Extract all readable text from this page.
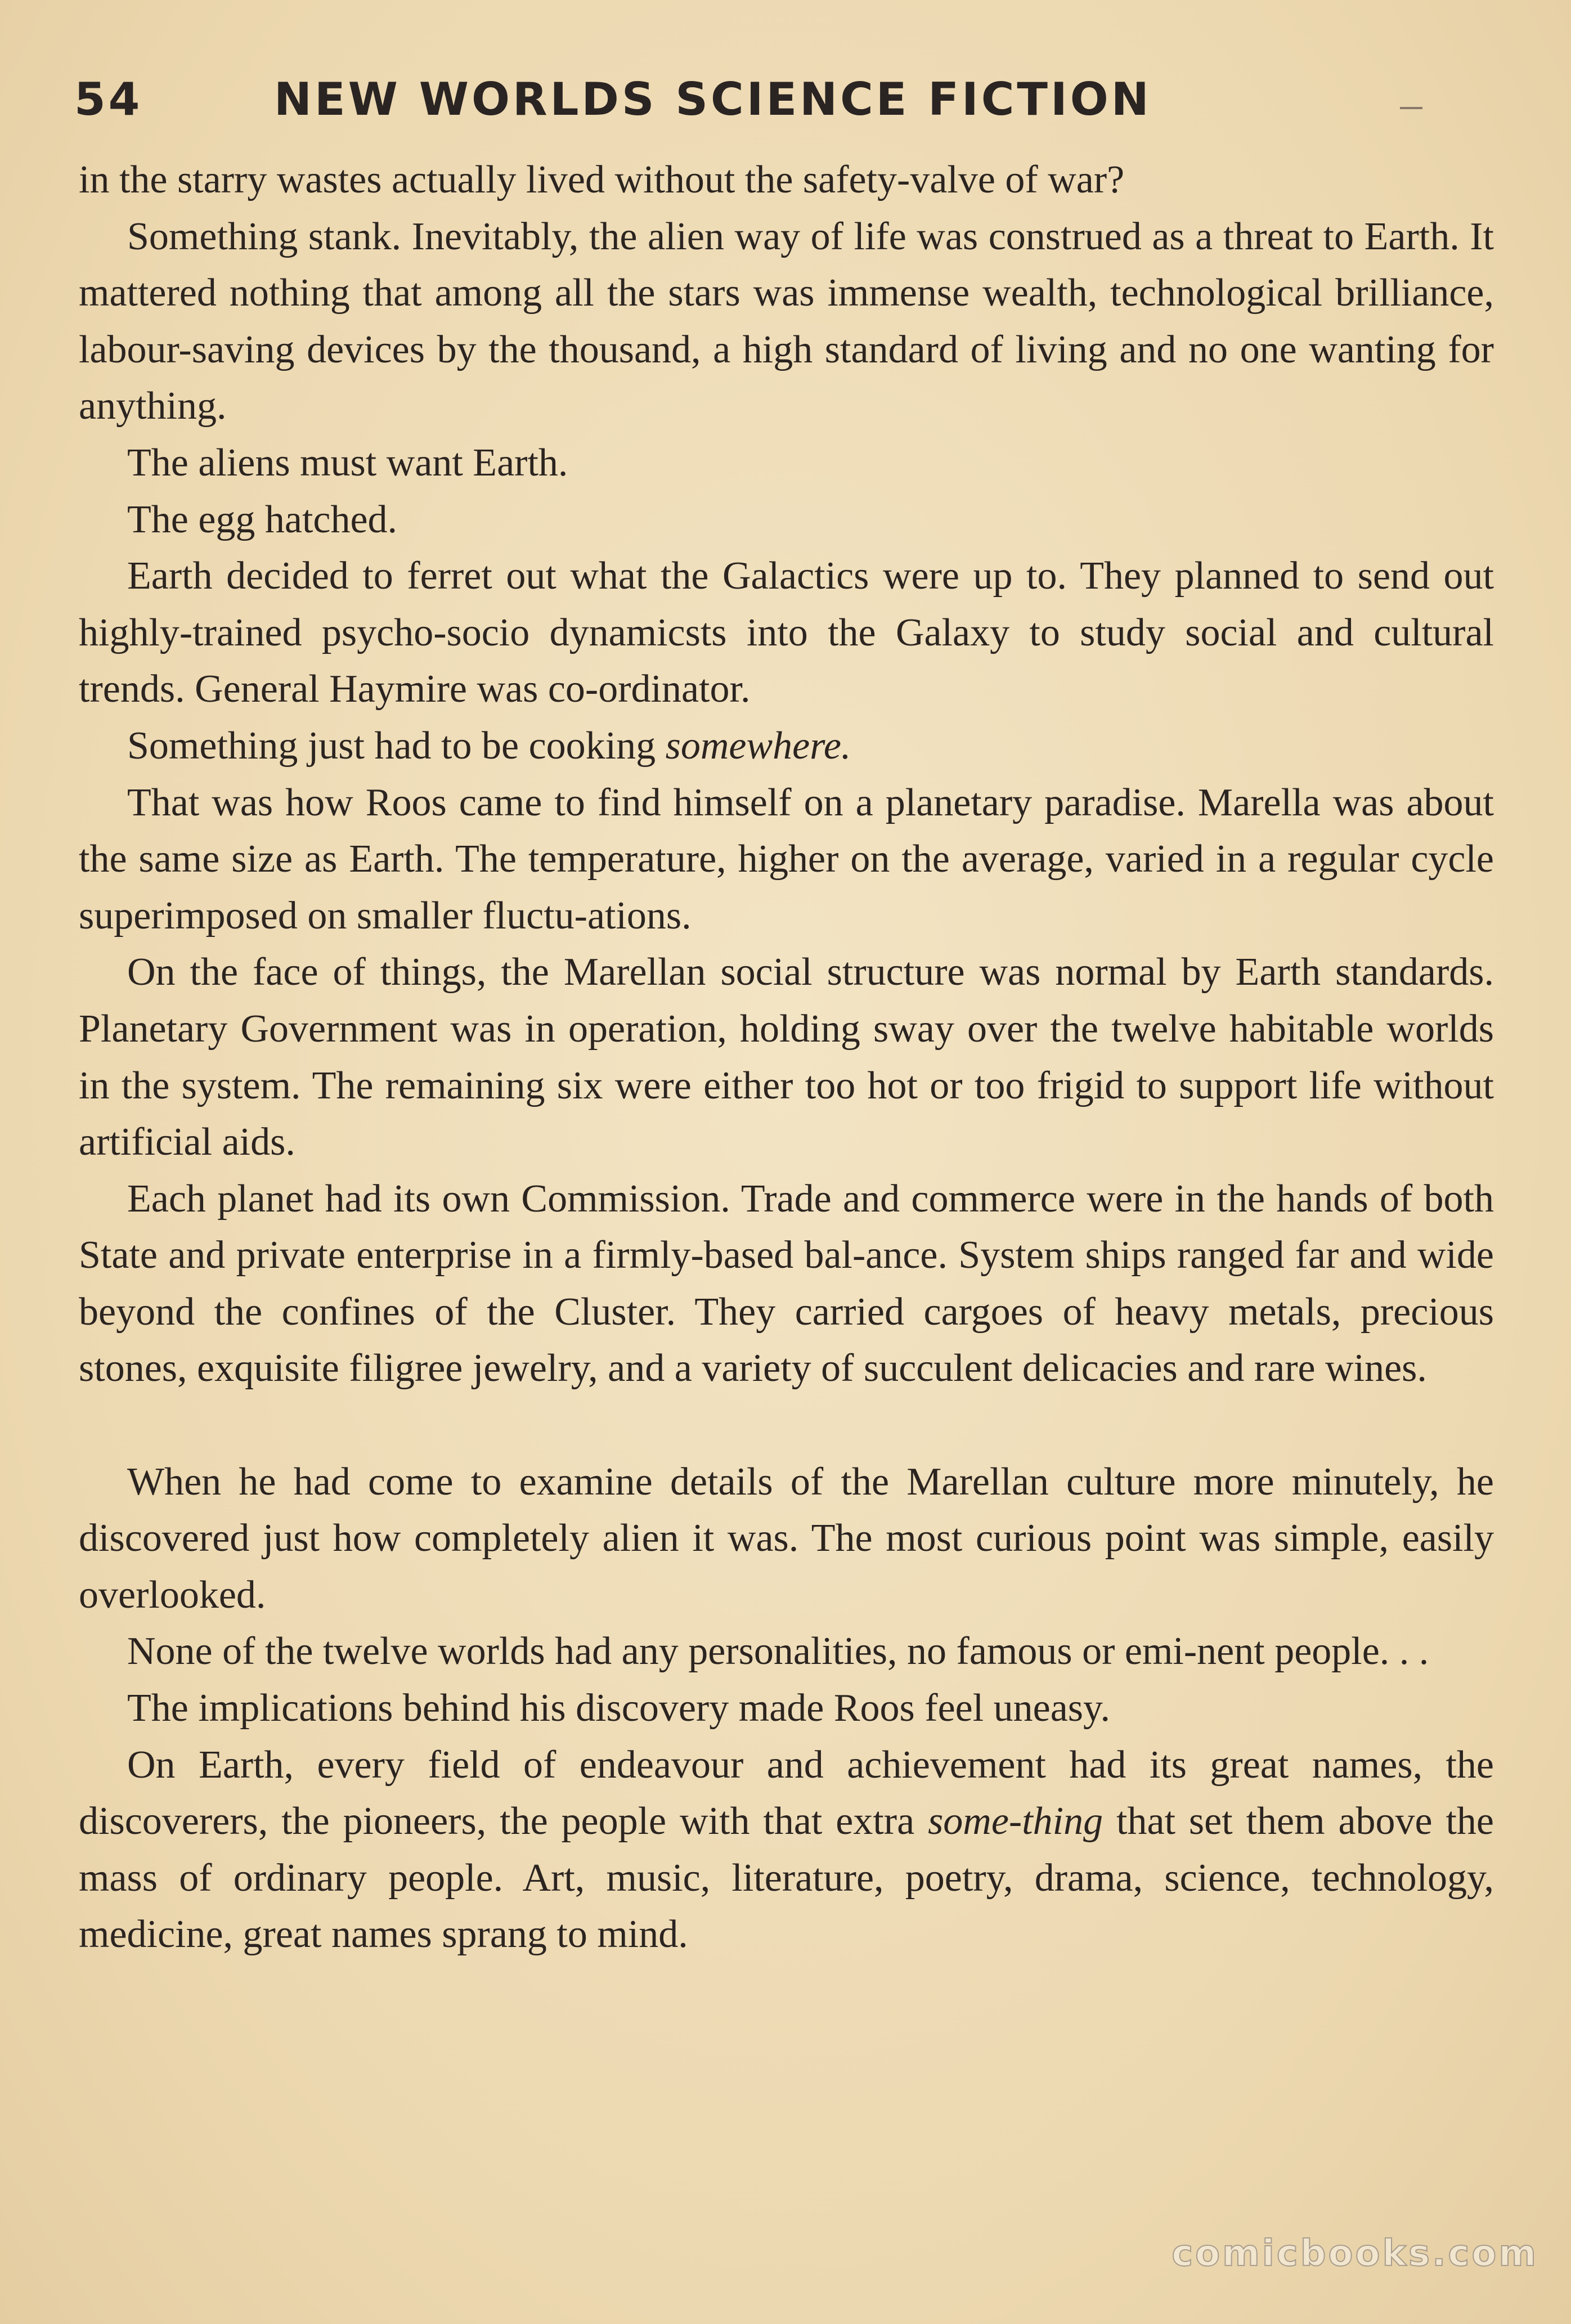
54	NEW WORLDS SCIENCE FICTION

in the starry wastes actually lived without the safety-valve of war?

Something stank. Inevitably, the alien way of life was construed as a threat to Earth. It mattered nothing that among all the stars was immense wealth, technological brilliance, labour-saving devices by the thousand, a high standard of living and no one wanting for anything.

The aliens must want Earth.

The egg hatched.

Earth decided to ferret out what the Galactics were up to. They planned to send out highly-trained psycho-socio dynamicsts into the Galaxy to study social and cultural trends. General Haymire was co-ordinator.

Something just had to be cooking somewhere.

That was how Roos came to find himself on a planetary paradise. Marella was about the same size as Earth. The temperature, higher on the average, varied in a regular cycle superimposed on smaller fluctu-ations.

On the face of things, the Marellan social structure was normal by Earth standards. Planetary Government was in operation, holding sway over the twelve habitable worlds in the system. The remaining six were either too hot or too frigid to support life without artificial aids.

Each planet had its own Commission. Trade and commerce were in the hands of both State and private enterprise in a firmly-based bal-ance. System ships ranged far and wide beyond the confines of the Cluster. They carried cargoes of heavy metals, precious stones, exquisite filigree jewelry, and a variety of succulent delicacies and rare wines.

When he had come to examine details of the Marellan culture more minutely, he discovered just how completely alien it was. The most curious point was simple, easily overlooked.

None of the twelve worlds had any personalities, no famous or emi-nent people. . .

The implications behind his discovery made Roos feel uneasy.

On Earth, every field of endeavour and achievement had its great names, the discoverers, the pioneers, the people with that extra some-thing that set them above the mass of ordinary people. Art, music, literature, poetry, drama, science, technology, medicine, great names sprang to mind.

comicbooks.com
